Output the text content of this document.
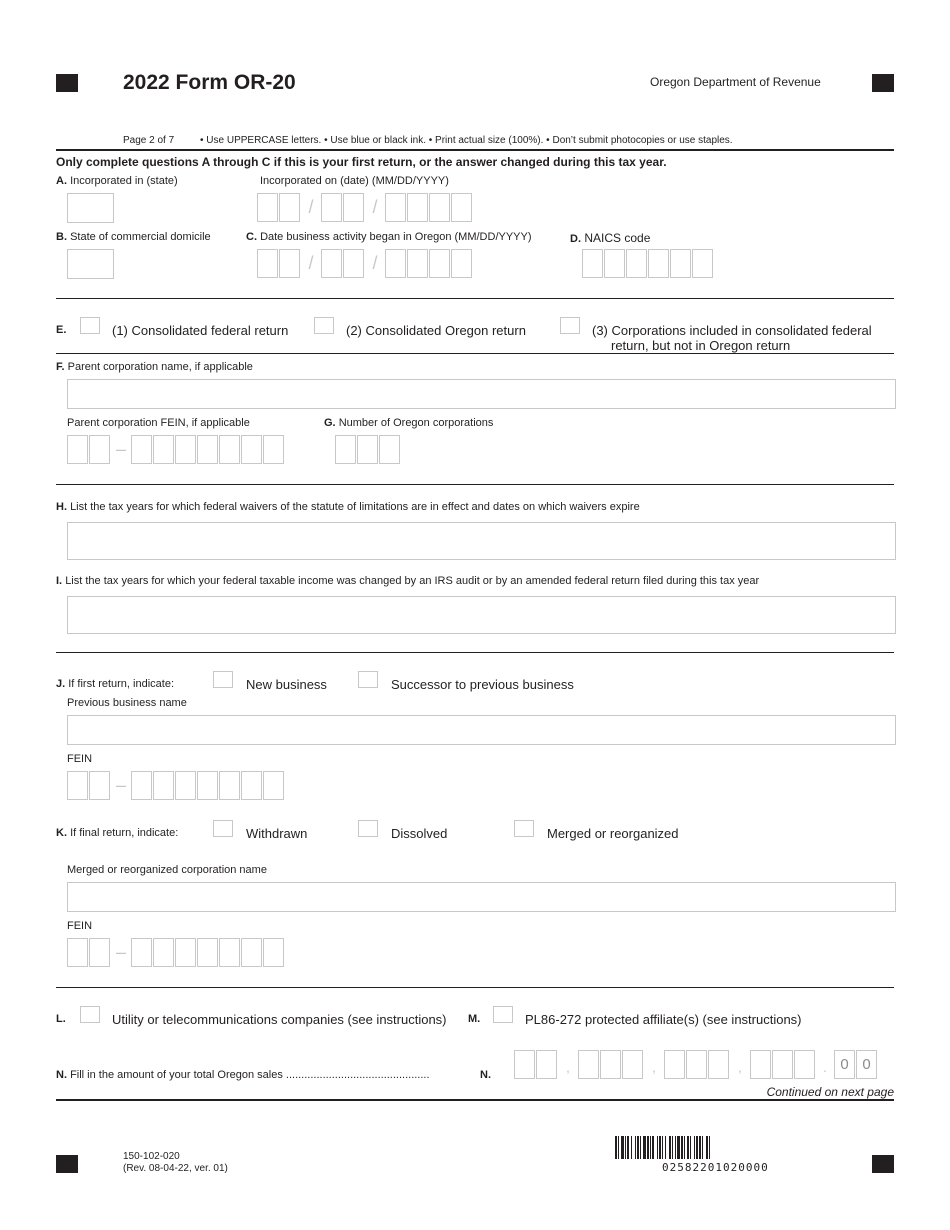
2022 Form OR-20	Oregon Department of Revenue
Page 2 of 7	• Use UPPERCASE letters. • Use blue or black ink. • Print actual size (100%). • Don’t submit photocopies or use staples.
Only complete questions A through C if this is your first return, or the answer changed during this tax year.
A. Incorporated in (state)	Incorporated on (date) (MM/DD/YYYY)
/	/
B. State of commercial domicile	C. Date business activity began in Oregon (MM/DD/YYYY)	D. NAICS code
/	/
E.	(1) Consolidated federal return	(2) Consolidated Oregon return	(3) Corporations included in consolidated federal
return, but not in Oregon return
F. Parent corporation name, if applicable
Parent corporation FEIN, if applicable	G. Number of Oregon corporations
–
H. List the tax years for which federal waivers of the statute of limitations are in effect and dates on which waivers expire
I. List the tax years for which your federal taxable income was changed by an IRS audit or by an amended federal return filed during this tax year
J. If first return, indicate:	New business	Successor to previous business
Previous business name
FEIN
–
K. If final return, indicate:	Withdrawn	Dissolved	Merged or reorganized
Merged or reorganized corporation name
FEIN
–
L.	Utility or telecommunications companies (see instructions) M.	PL86-272 protected affiliate(s) (see instructions)
N. Fill in the amount of your total Oregon sales ...............................................	N.	,	,	,	. 0 0
Continued on next page
150-102-020
(Rev. 08-04-22, ver. 01)	02582201020000
